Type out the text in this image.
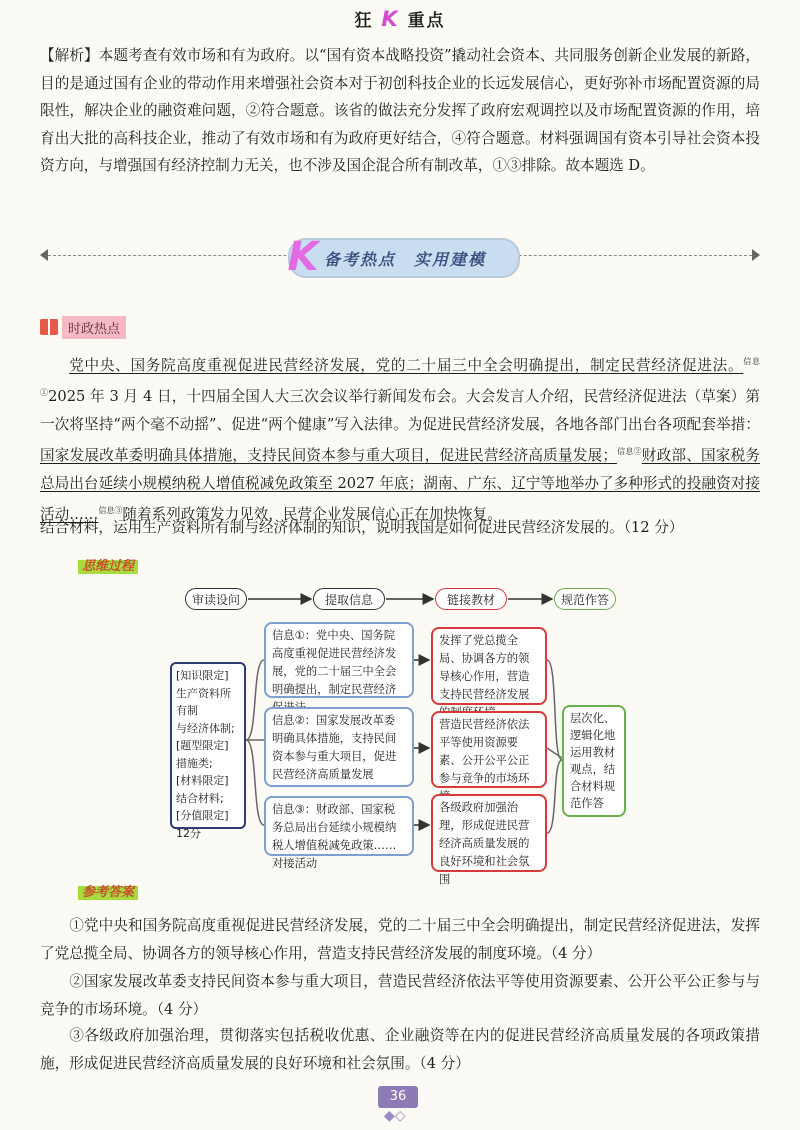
狂 K 重点

【解析】本题考查有效市场和有为政府。以“国有资本战略投资”撬动社会资本、共同服务创新企业发展的新路，目的是通过国有企业的带动作用来增强社会资本对于初创科技企业的长远发展信心，更好弥补市场配置资源的局限性，解决企业的融资难问题，②符合题意。该省的做法充分发挥了政府宏观调控以及市场配置资源的作用，培育出大批的高科技企业，推动了有效市场和有为政府更好结合，④符合题意。材料强调国有资本引导社会资本投资方向，与增强国有经济控制力无关，也不涉及国企混合所有制改革，①③排除。故本题选 D。

K 备考热点　实用建模
时政热点

党中央、国务院高度重视促进民营经济发展，党的二十届三中全会明确提出，制定民营经济促进法。$^{信息①}$2025 年 3 月 4 日，十四届全国人大三次会议举行新闻发布会。大会发言人介绍，民营经济促进法（草案）第一次将坚持“两个毫不动摇”、促进“两个健康”写入法律。为促进民营经济发展，各地各部门出台各项配套举措：国家发展改革委明确具体措施，支持民间资本参与重大项目，促进民营经济高质量发展；$^{信息②}$财政部、国家税务总局出台延续小规模纳税人增值税减免政策至 2027 年底；湖南、广东、辽宁等地举办了多种形式的投融资对接活动……$^{信息③}$随着系列政策发力见效，民营企业发展信心正在加快恢复。

结合材料，运用生产资料所有制与经济体制的知识，说明我国是如何促进民营经济发展的。（12 分）

思维过程
审读设问	提取信息	链接教材	规范作答
[知识限定]
生产资料所有制
与经济体制;
[题型限定]
措施类;
[材料限定]
结合材料;
[分值限定]
12分
信息①：党中央、国务院高度重视促进民营经济发展，党的二十届三中全会明确提出，制定民营经济
信息②：国家发展改革委明确具体措施，支持民间资本参与重大项目，促进民营经济高质量发展
信息③：财政部、国家税务总局出台延续小规模纳税人增值税减免政策……对接活动
发挥了党总揽全局、协调各方的领导核心作用，营造支持民营经济发展
营造民营经济依法平等使用资源要素、公开公平公正参与竞争的市场环
各级政府加强治理，形成促进民营经济高质量发展的良好环境和社会氛围
层次化、逻辑化地运用教材观点，结合材料规范作答
参考答案

①党中央和国务院高度重视促进民营经济发展，党的二十届三中全会明确提出，制定民营经济促进法，发挥了党总揽全局、协调各方的领导核心作用，营造支持民营经济发展的制度环境。（4 分）

②国家发展改革委支持民间资本参与重大项目，营造民营经济依法平等使用资源要素、公开公平公正参与与竞争的市场环境。（4 分）

③各级政府加强治理，贯彻落实包括税收优惠、企业融资等在内的促进民营经济高质量发展的各项政策措施，形成促进民营经济高质量发展的良好环境和社会氛围。（4 分）

36
◆◇
